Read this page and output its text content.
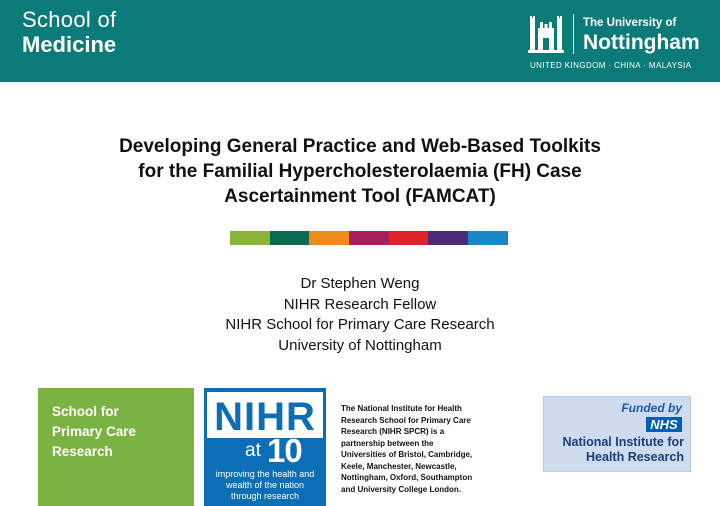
School of
Medicine
The University of
Nottingham
UNITED KINGDOM · CHINA · MALAYSIA
Developing General Practice and Web-Based Toolkits
for the Familial Hypercholesterolaemia (FH) Case
Ascertainment Tool (FAMCAT)
Dr Stephen Weng
NIHR Research Fellow
NIHR School for Primary Care Research
University of Nottingham
School for
Primary Care
Research
NIHR
at 10
improving the health and
wealth of the nation
through research
The National Institute for Health
Research School for Primary Care
Research (NIHR SPCR) is a
partnership between the
Universities of Bristol, Cambridge,
Keele, Manchester, Newcastle,
Nottingham, Oxford, Southampton
and University College London.
Funded by
NHS
National Institute for
Health Research
